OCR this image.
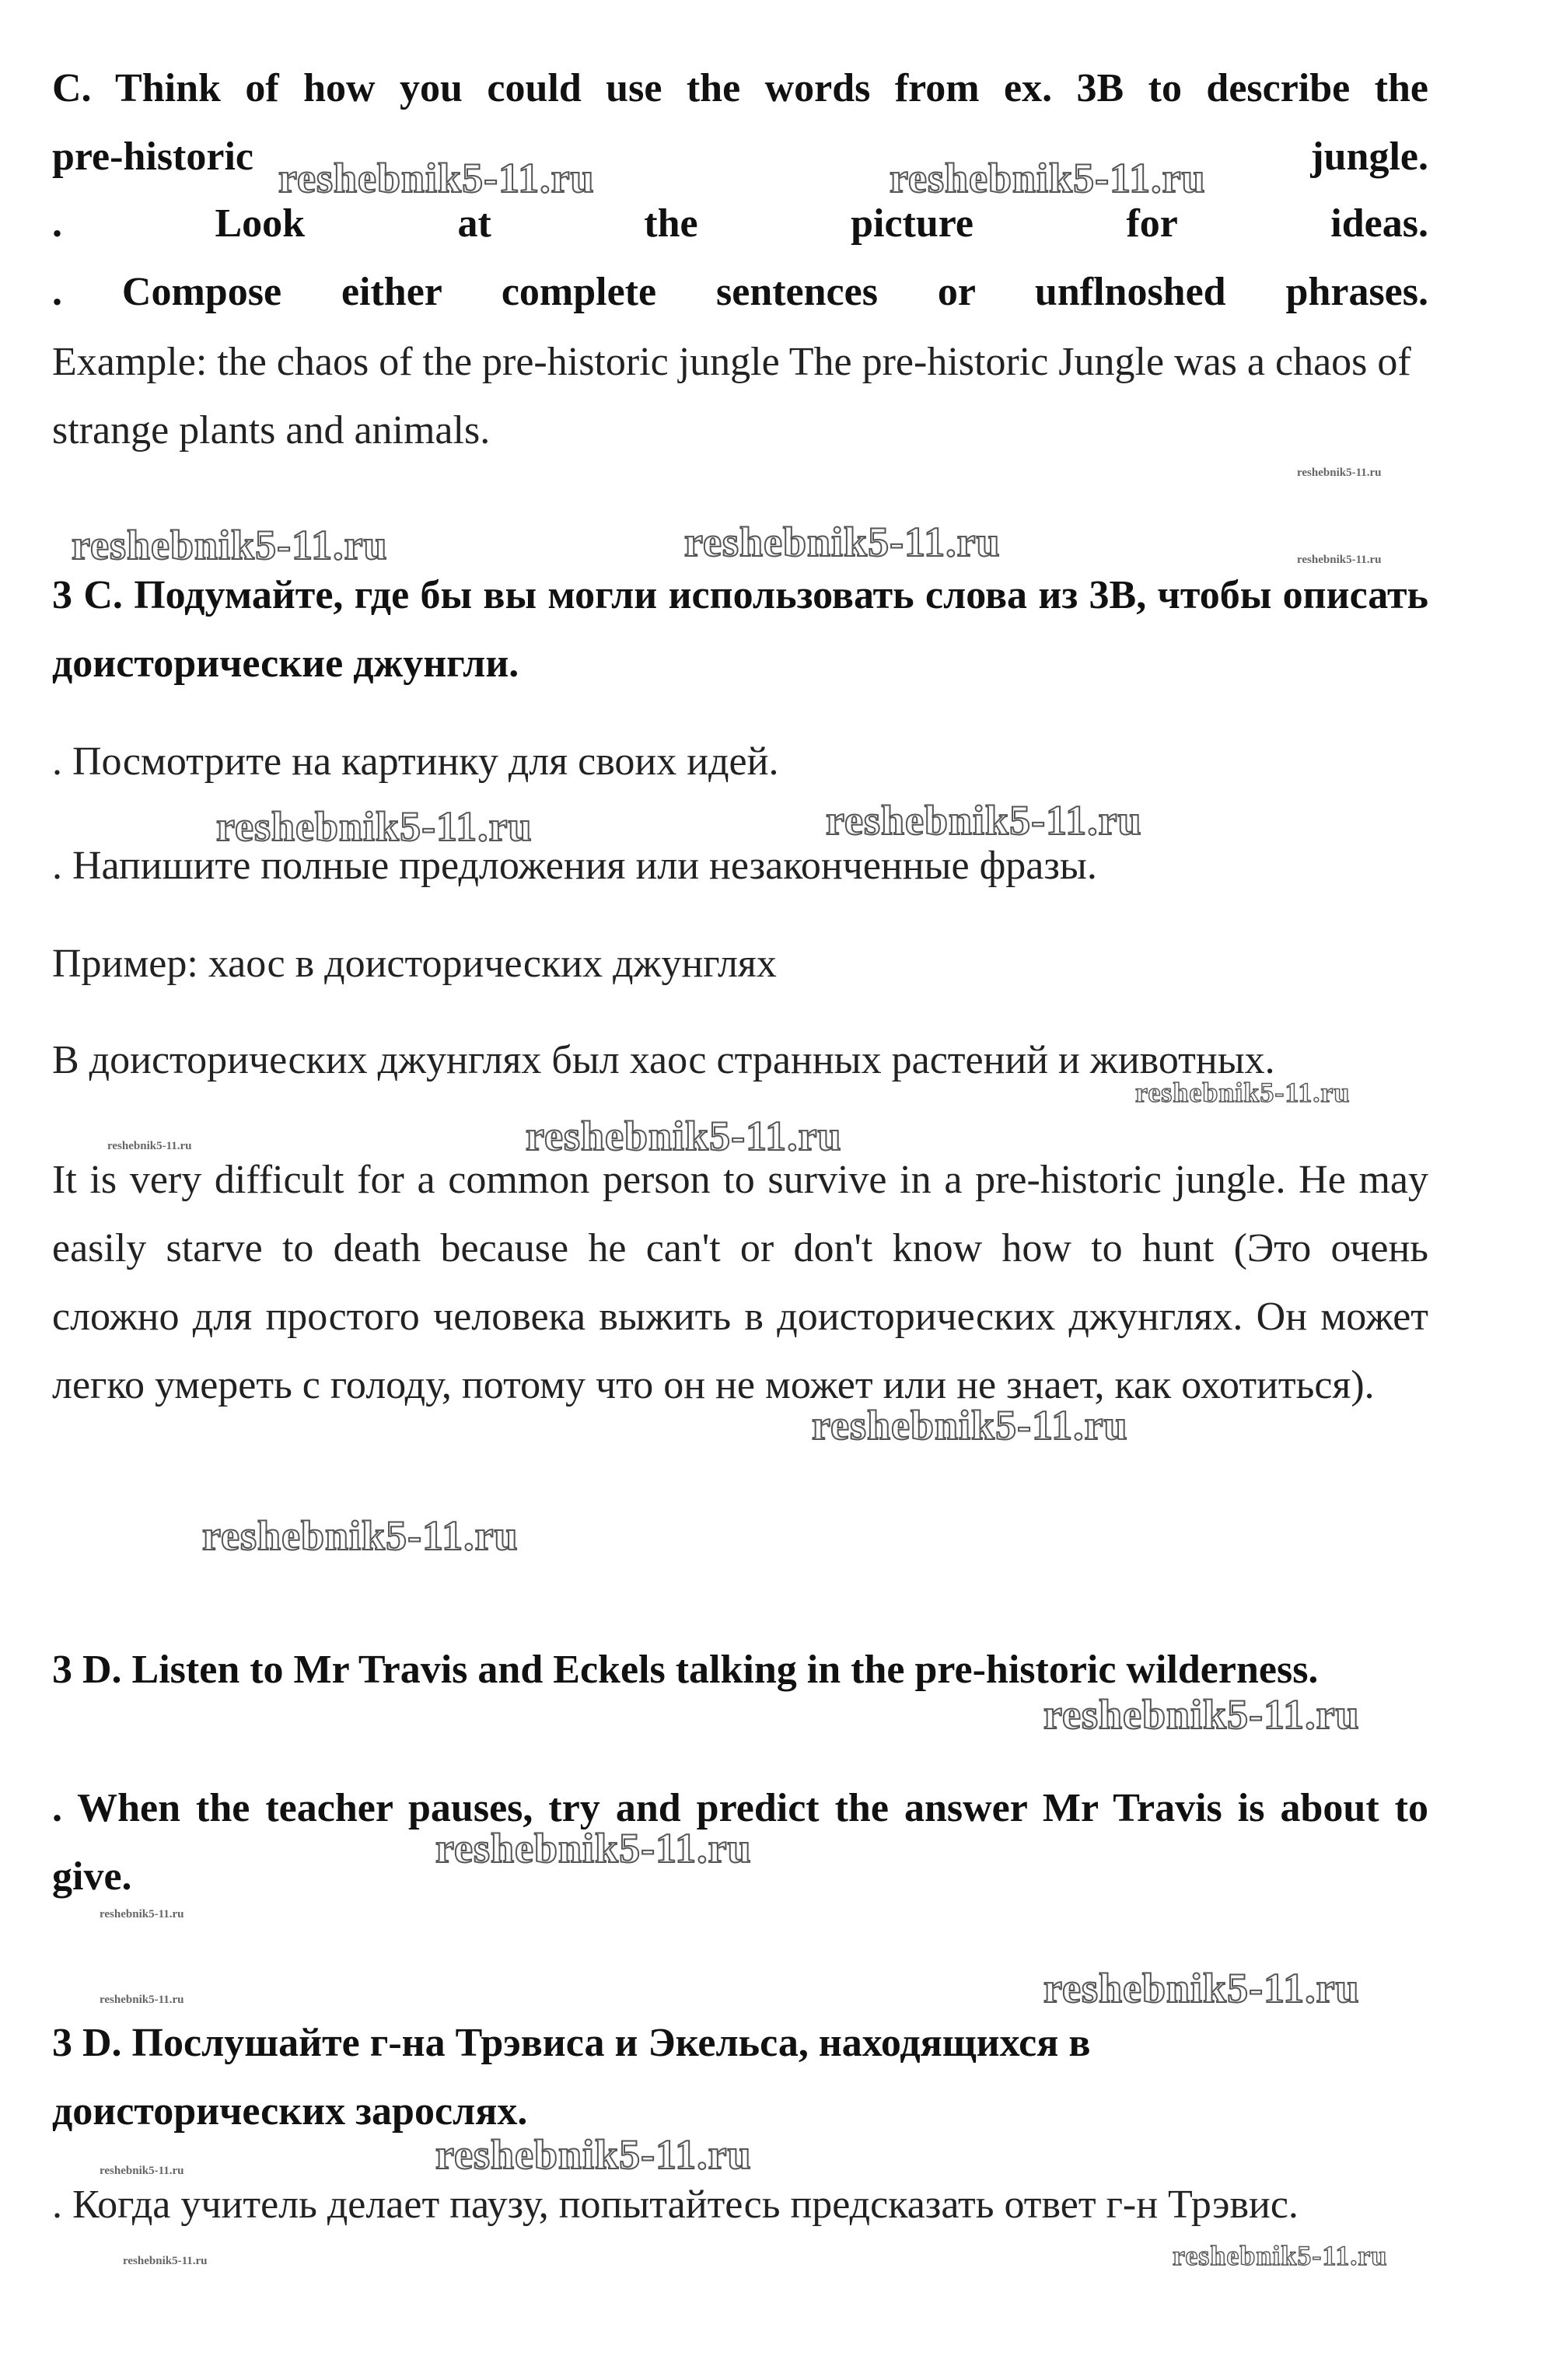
C. Think of how you could use the words from ex. 3B to describe the
pre-historic	jungle.
.	Look	at	the	picture	for	ideas.
. Compose either complete sentences or unflnoshed phrases.

Example: the chaos of the pre-historic jungle The pre-historic Jungle was a chaos of strange plants and animals.

3 С. Подумайте, где бы вы могли использовать слова из 3B, чтобы описать доисторические джунгли.

. Посмотрите на картинку для своих идей.

. Напишите полные предложения или незаконченные фразы.

Пример: хаос в доисторических джунглях

В доисторических джунглях был хаос странных растений и животных.

It is very difficult for a common person to survive in a pre-historic jungle. He may easily starve to death because he can't or don't know how to hunt (Это очень сложно для простого человека выжить в доисторических джунглях. Он может легко умереть с голоду, потому что он не может или не знает, как охотиться).

3 D. Listen to Mr Travis and Eckels talking in the pre-historic wilderness.

. When the teacher pauses, try and predict the answer Mr Travis is about to give.

3 D. Послушайте г-на Трэвиса и Экельса, находящихся в доисторических зарослях.

. Когда учитель делает паузу, попытайтесь предсказать ответ г-н Трэвис.

reshebnik5-11.ru	reshebnik5-11.ru
reshebnik5-11.ru
reshebnik5-11.ru	reshebnik5-11.ru	reshebnik5-11.ru
reshebnik5-11.ru	reshebnik5-11.ru
reshebnik5-11.ru
reshebnik5-11.ru	reshebnik5-11.ru
reshebnik5-11.ru
reshebnik5-11.ru
reshebnik5-11.ru
reshebnik5-11.ru
reshebnik5-11.ru
reshebnik5-11.ru	reshebnik5-11.ru
reshebnik5-11.ru	reshebnik5-11.ru
reshebnik5-11.ru	reshebnik5-11.ru
